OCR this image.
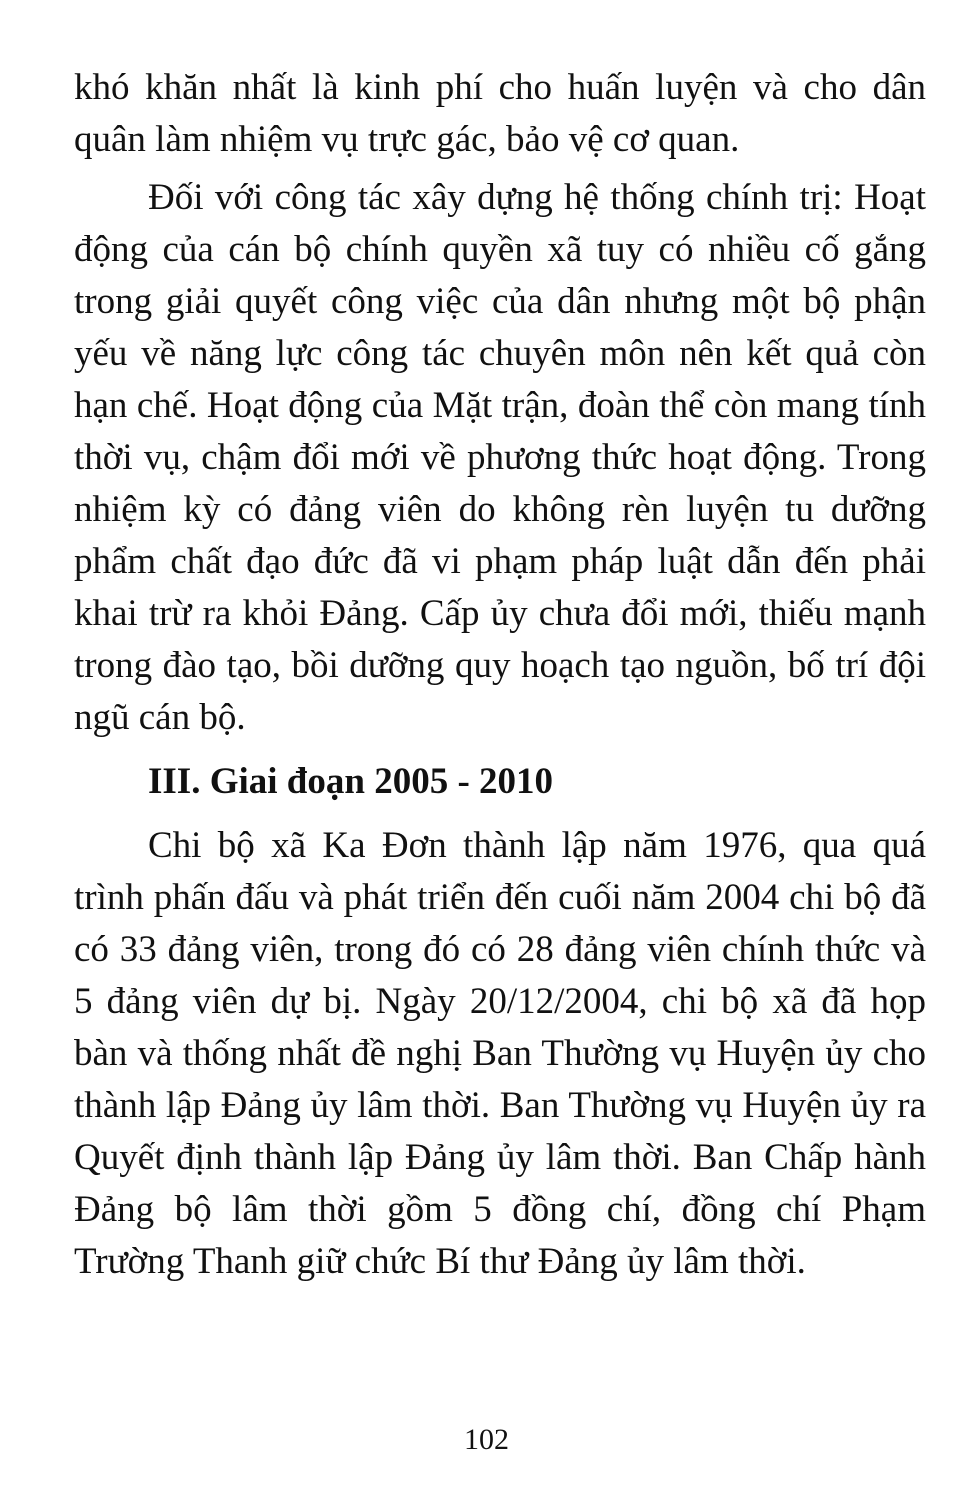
khó khăn nhất là kinh phí cho huấn luyện và cho dân quân làm nhiệm vụ trực gác, bảo vệ cơ quan.

Đối với công tác xây dựng hệ thống chính trị: Hoạt động của cán bộ chính quyền xã tuy có nhiều cố gắng trong giải quyết công việc của dân nhưng một bộ phận yếu về năng lực công tác chuyên môn nên kết quả còn hạn chế. Hoạt động của Mặt trận, đoàn thể còn mang tính thời vụ, chậm đổi mới về phương thức hoạt động. Trong nhiệm kỳ có đảng viên do không rèn luyện tu dưỡng phẩm chất đạo đức đã vi phạm pháp luật dẫn đến phải khai trừ ra khỏi Đảng. Cấp ủy chưa đổi mới, thiếu mạnh trong đào tạo, bồi dưỡng quy hoạch tạo nguồn, bố trí đội ngũ cán bộ.

III. Giai đoạn 2005 - 2010

Chi bộ xã Ka Đơn thành lập năm 1976, qua quá trình phấn đấu và phát triển đến cuối năm 2004 chi bộ đã có 33 đảng viên, trong đó có 28 đảng viên chính thức và 5 đảng viên dự bị. Ngày 20/12/2004, chi bộ xã đã họp bàn và thống nhất đề nghị Ban Thường vụ Huyện ủy cho thành lập Đảng ủy lâm thời. Ban Thường vụ Huyện ủy ra Quyết định thành lập Đảng ủy lâm thời. Ban Chấp hành Đảng bộ lâm thời gồm 5 đồng chí, đồng chí Phạm Trường Thanh giữ chức Bí thư Đảng ủy lâm thời.

102
